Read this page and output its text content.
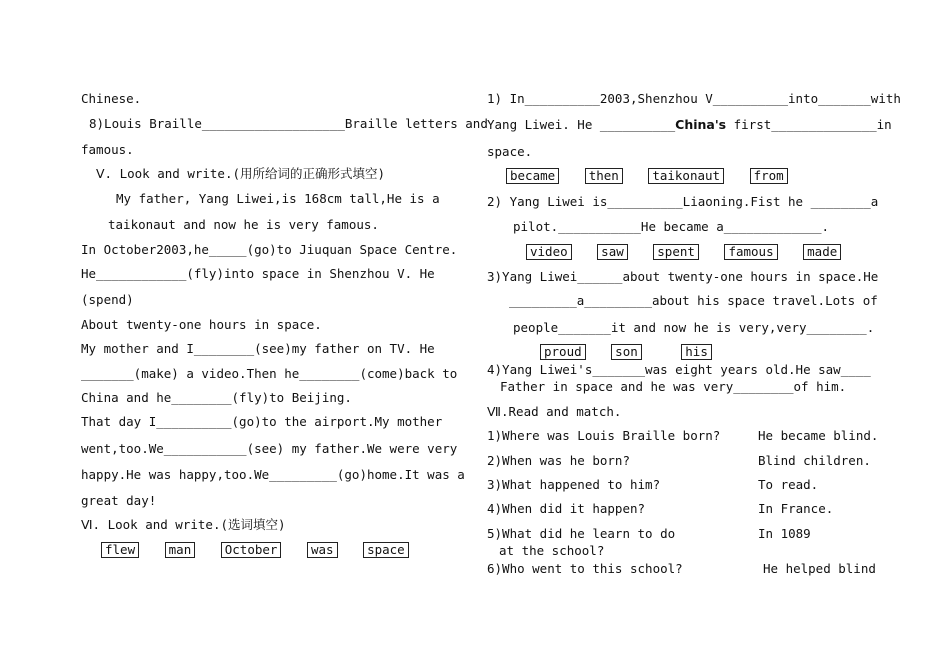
Chinese.
8)Louis Braille___________________Braille letters and
famous.
Ⅴ. Look and write.(用所给词的正确形式填空)
My father, Yang Liwei,is 168cm tall,He is a
taikonaut and now he is very famous.
In October2003,he_____(go)to Jiuquan Space Centre.
He____________(fly)into space in Shenzhou V. He
(spend)
About twenty-one hours in space.
My mother and I________(see)my father on TV. He
_______(make) a video.Then he________(come)back to
China and he________(fly)to Beijing.
That day I__________(go)to the airport.My mother
went,too.We___________(see) my father.We were very
happy.He was happy,too.We_________(go)home.It was a
great day!
Ⅵ. Look and write.(选词填空)
flew	man	October	was	space
1) In__________2003,Shenzhou V__________into_______with
Yang Liwei. He __________China's first______________in
space.
became	then	taikonaut	from
2) Yang Liwei is__________Liaoning.Fist he ________a
pilot.___________He became a_____________.
video	saw	spent	famous	made
3)Yang Liwei______about twenty-one hours in space.He
_________a_________about his space travel.Lots of
people_______it and now he is very,very________.
proud	son	his
4)Yang Liwei's_______was eight years old.He saw____
Father in space and he was very________of him.
Ⅶ.Read and match.
1)Where was Louis Braille born?	He became blind.
2)When was he born?	Blind children.
3)What happened to him?	To read.
4)When did it happen?	In France.
5)What did he learn to do	In 1089
at the school?
6)Who went to this school?	He helped blind
